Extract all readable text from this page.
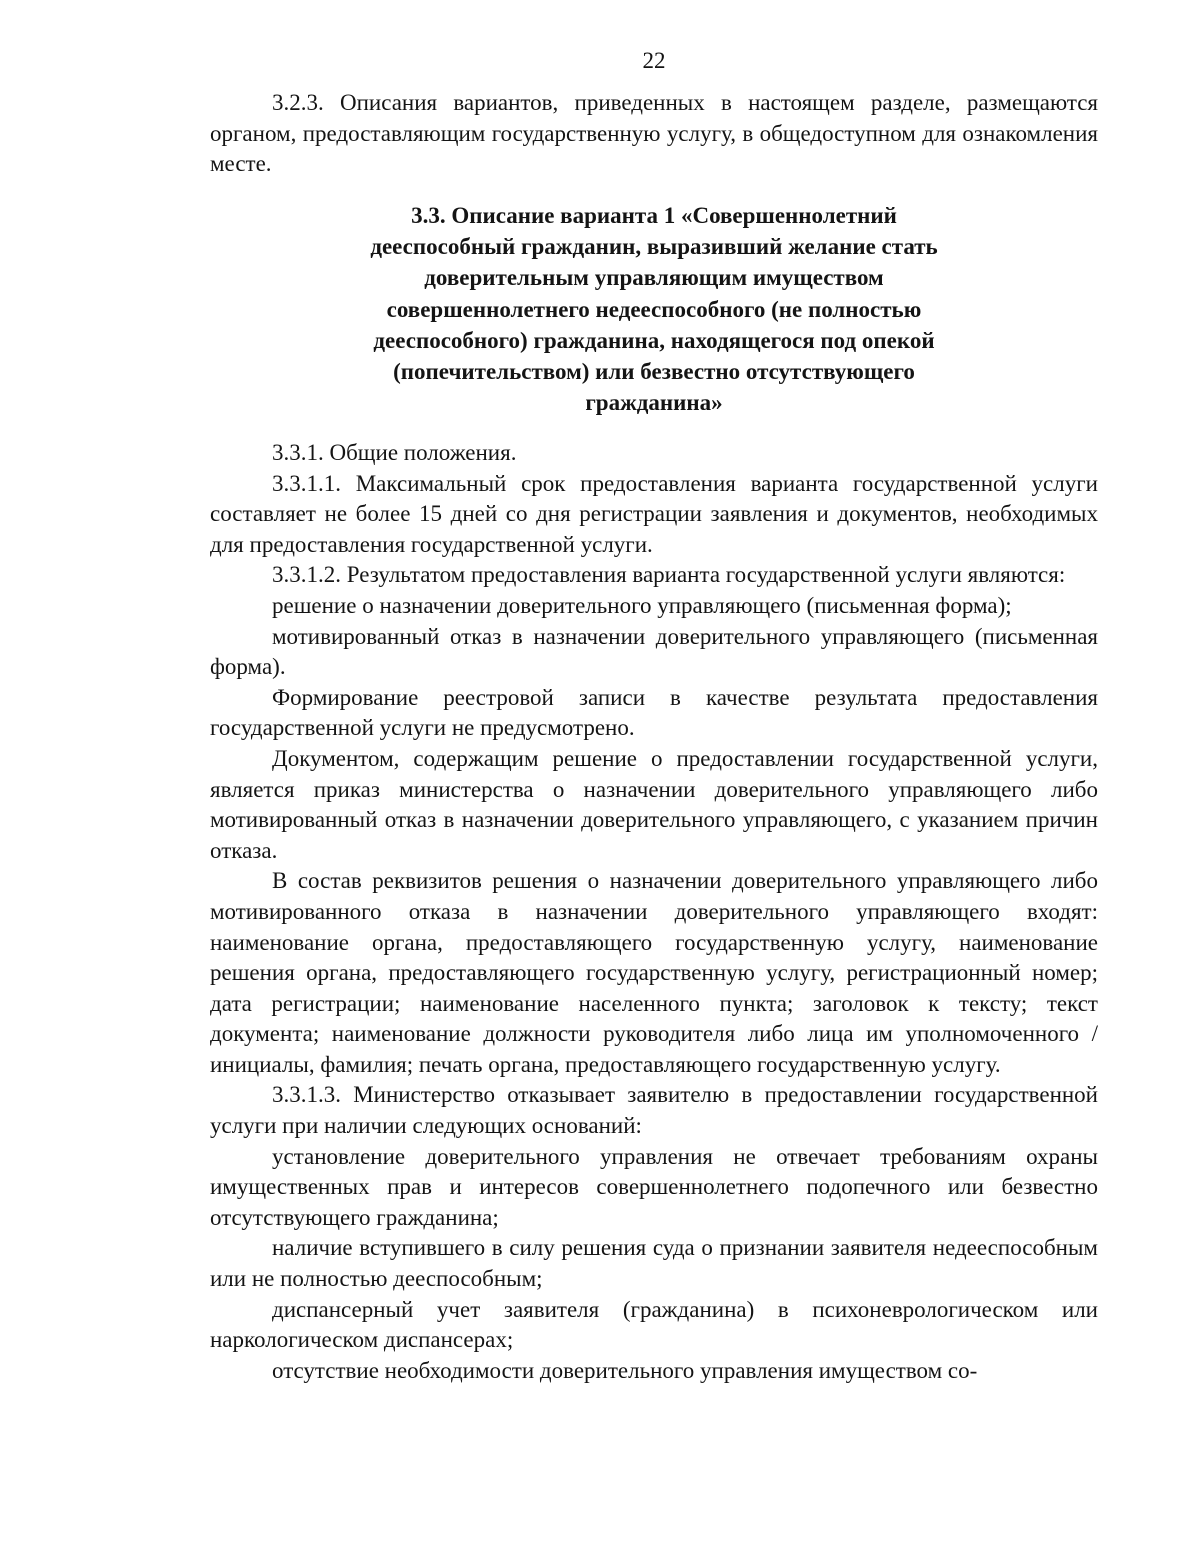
22

3.2.3. Описания вариантов, приведенных в настоящем разделе, размещаются органом, предоставляющим государственную услугу, в общедоступном для ознакомления месте.

3.3. Описание варианта 1 «Совершеннолетний
дееспособный гражданин, выразивший желание стать
доверительным управляющим имуществом
совершеннолетнего недееспособного (не полностью
дееспособного) гражданина, находящегося под опекой
(попечительством) или безвестно отсутствующего
гражданина»

3.3.1. Общие положения.

3.3.1.1. Максимальный срок предоставления варианта государственной услуги составляет не более 15 дней со дня регистрации заявления и документов, необходимых для предоставления государственной услуги.

3.3.1.2. Результатом предоставления варианта государственной услуги являются:

решение о назначении доверительного управляющего (письменная форма);

мотивированный отказ в назначении доверительного управляющего (письменная форма).

Формирование реестровой записи в качестве результата предоставления государственной услуги не предусмотрено.

Документом, содержащим решение о предоставлении государственной услуги, является приказ министерства о назначении доверительного управляющего либо мотивированный отказ в назначении доверительного управляющего, с указанием причин отказа.

В состав реквизитов решения о назначении доверительного управляющего либо мотивированного отказа в назначении доверительного управляющего входят: наименование органа, предоставляющего государственную услугу, наименование решения органа, предоставляющего государственную услугу, регистрационный номер; дата регистрации; наименование населенного пункта; заголовок к тексту; текст документа; наименование должности руководителя либо лица им уполномоченного / инициалы, фамилия; печать органа, предоставляющего государственную услугу.

3.3.1.3. Министерство отказывает заявителю в предоставлении государственной услуги при наличии следующих оснований:

установление доверительного управления не отвечает требованиям охраны имущественных прав и интересов совершеннолетнего подопечного или безвестно отсутствующего гражданина;

наличие вступившего в силу решения суда о признании заявителя недееспособным или не полностью дееспособным;

диспансерный учет заявителя (гражданина) в психоневрологическом или наркологическом диспансерах;

отсутствие необходимости доверительного управления имуществом со-
